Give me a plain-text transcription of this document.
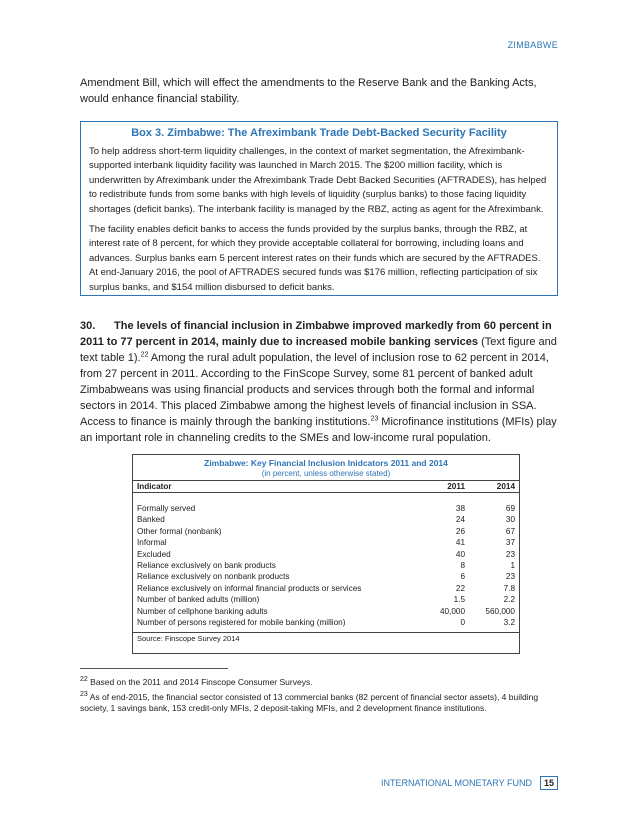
ZIMBABWE
Amendment Bill, which will effect the amendments to the Reserve Bank and the Banking Acts, would enhance financial stability.
Box 3. Zimbabwe: The Afreximbank Trade Debt-Backed Security Facility

To help address short-term liquidity challenges, in the context of market segmentation, the Afreximbank-supported interbank liquidity facility was launched in March 2015. The $200 million facility, which is underwritten by Afreximbank under the Afreximbank Trade Debt Backed Securities (AFTRADES), has helped to redistribute funds from some banks with high levels of liquidity (surplus banks) to those facing liquidity shortages (deficit banks). The interbank facility is managed by the RBZ, acting as agent for the Afreximbank.

The facility enables deficit banks to access the funds provided by the surplus banks, through the RBZ, at interest rate of 8 percent, for which they provide acceptable collateral for borrowing, including loans and advances. Surplus banks earn 5 percent interest rates on their funds which are secured by the AFTRADES. At end-January 2016, the pool of AFTRADES secured funds was $176 million, reflecting participation of six surplus banks, and $154 million disbursed to deficit banks.

30. The levels of financial inclusion in Zimbabwe improved markedly from 60 percent in 2011 to 77 percent in 2014, mainly due to increased mobile banking services (Text figure and text table 1).$^{22}$ Among the rural adult population, the level of inclusion rose to 62 percent in 2014, from 27 percent in 2011. According to the FinScope Survey, some 81 percent of banked adult Zimbabweans was using financial products and services through both the formal and informal sectors in 2014. This placed Zimbabwe among the highest levels of financial inclusion in SSA. Access to finance is mainly through the banking institutions.$^{23}$ Microfinance institutions (MFIs) play an important role in channeling credits to the SMEs and low-income rural population.
Zimbabwe: Key Financial Inclusion Inidcators 2011 and 2014
(in percent, unless otherwise stated)
Indicator	2011	2014
Formally served	38	69
Banked	24	30
Other formal (nonbank)	26	67
Informal	41	37
Excluded	40	23
Reliance exclusively on bank products	8	1
Reliance exclusively on nonbank products	6	23
Reliance exclusively on informal financial products or services	22	7.8
Number of banked adults (million)	1.5	2.2
Number of cellphone banking adults	40,000	560,000
Number of persons registered for mobile banking (million)	0	3.2
Source: Finscope Survey 2014
$^{22}$ Based on the 2011 and 2014 Finscope Consumer Surveys.
$^{23}$ As of end-2015, the financial sector consisted of 13 commercial banks (82 percent of financial sector assets), 4 building society, 1 savings bank, 153 credit-only MFIs, 2 deposit-taking MFIs, and 2 development finance institutions.
INTERNATIONAL MONETARY FUND	15
